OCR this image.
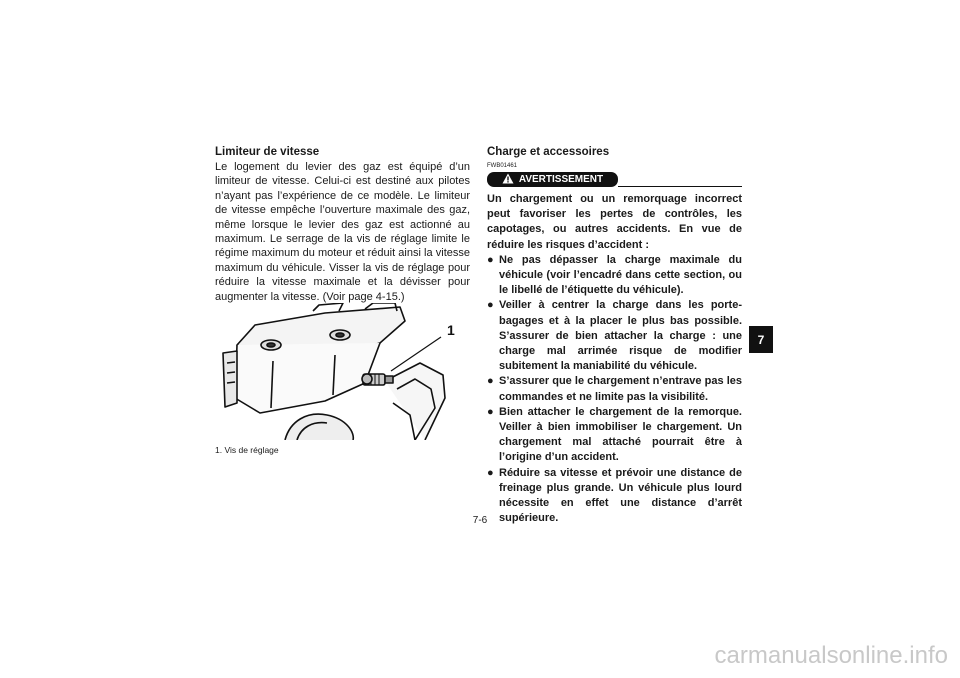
Limiteur de vitesse

Le logement du levier des gaz est équipé d’un limiteur de vitesse. Celui-ci est destiné aux pilotes n’ayant pas l’expérience de ce modèle. Le limiteur de vitesse empêche l’ouverture maximale des gaz, même lorsque le levier des gaz est actionné au maximum. Le serrage de la vis de réglage limite le régime maximum du moteur et réduit ainsi la vitesse maximum du véhicule. Visser la vis de réglage pour réduire la vitesse maximale et la dévisser pour augmenter la vitesse. (Voir page 4-15.)

1
1. Vis de réglage
Charge et accessoires
FWB01461
AVERTISSEMENT

Un chargement ou un remorquage incorrect peut favoriser les pertes de contrôles, les capotages, ou autres accidents. En vue de réduire les risques d’accident :

● Ne pas dépasser la charge maximale du véhicule (voir l’encadré dans cette section, ou le libellé de l’étiquette du véhicule).
● Veiller à centrer la charge dans les porte-bagages et à la placer le plus bas possible. S’assurer de bien attacher la charge : une charge mal arrimée risque de modifier subitement la maniabilité du véhicule.
● S’assurer que le chargement n’entrave pas les commandes et ne limite pas la visibilité.
● Bien attacher le chargement de la remorque. Veiller à bien immobiliser le chargement. Un chargement mal attaché pourrait être à l’origine d’un accident.
● Réduire sa vitesse et prévoir une distance de freinage plus grande. Un véhicule plus lourd nécessite en effet une distance d’arrêt supérieure.
7
7-6
carmanualsonline.info
